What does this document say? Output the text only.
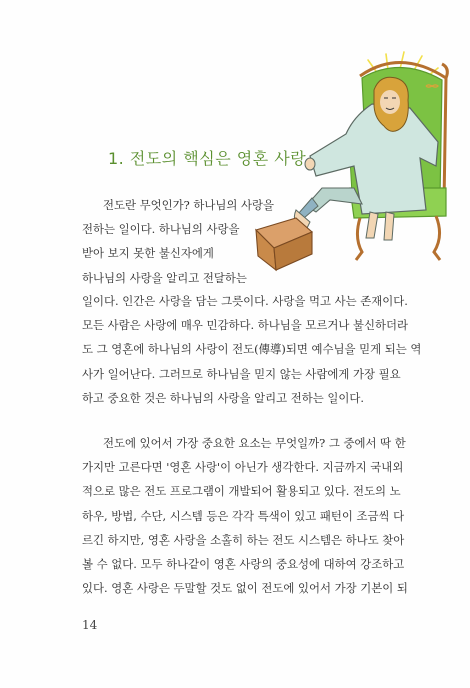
1. 전도의 핵심은 영혼 사랑
전도란 무엇인가? 하나님의 사랑을
전하는 일이다. 하나님의 사랑을
받아 보지 못한 불신자에게
하나님의 사랑을 알리고 전달하는
일이다. 인간은 사랑을 담는 그릇이다. 사랑을 먹고 사는 존재이다.
모든 사람은 사랑에 매우 민감하다. 하나님을 모르거나 불신하더라
도 그 영혼에 하나님의 사랑이 전도(傳導)되면 예수님을 믿게 되는 역
사가 일어난다. 그러므로 하나님을 믿지 않는 사람에게 가장 필요
하고 중요한 것은 하나님의 사랑을 알리고 전하는 일이다.
전도에 있어서 가장 중요한 요소는 무엇일까? 그 중에서 딱 한
가지만 고른다면 '영혼 사랑'이 아닌가 생각한다. 지금까지 국내외
적으로 많은 전도 프로그램이 개발되어 활용되고 있다. 전도의 노
하우, 방법, 수단, 시스템 등은 각각 특색이 있고 패턴이 조금씩 다
르긴 하지만, 영혼 사랑을 소홀히 하는 전도 시스템은 하나도 찾아
볼 수 없다. 모두 하나같이 영혼 사랑의 중요성에 대하여 강조하고
있다. 영혼 사랑은 두말할 것도 없이 전도에 있어서 가장 기본이 되
14
